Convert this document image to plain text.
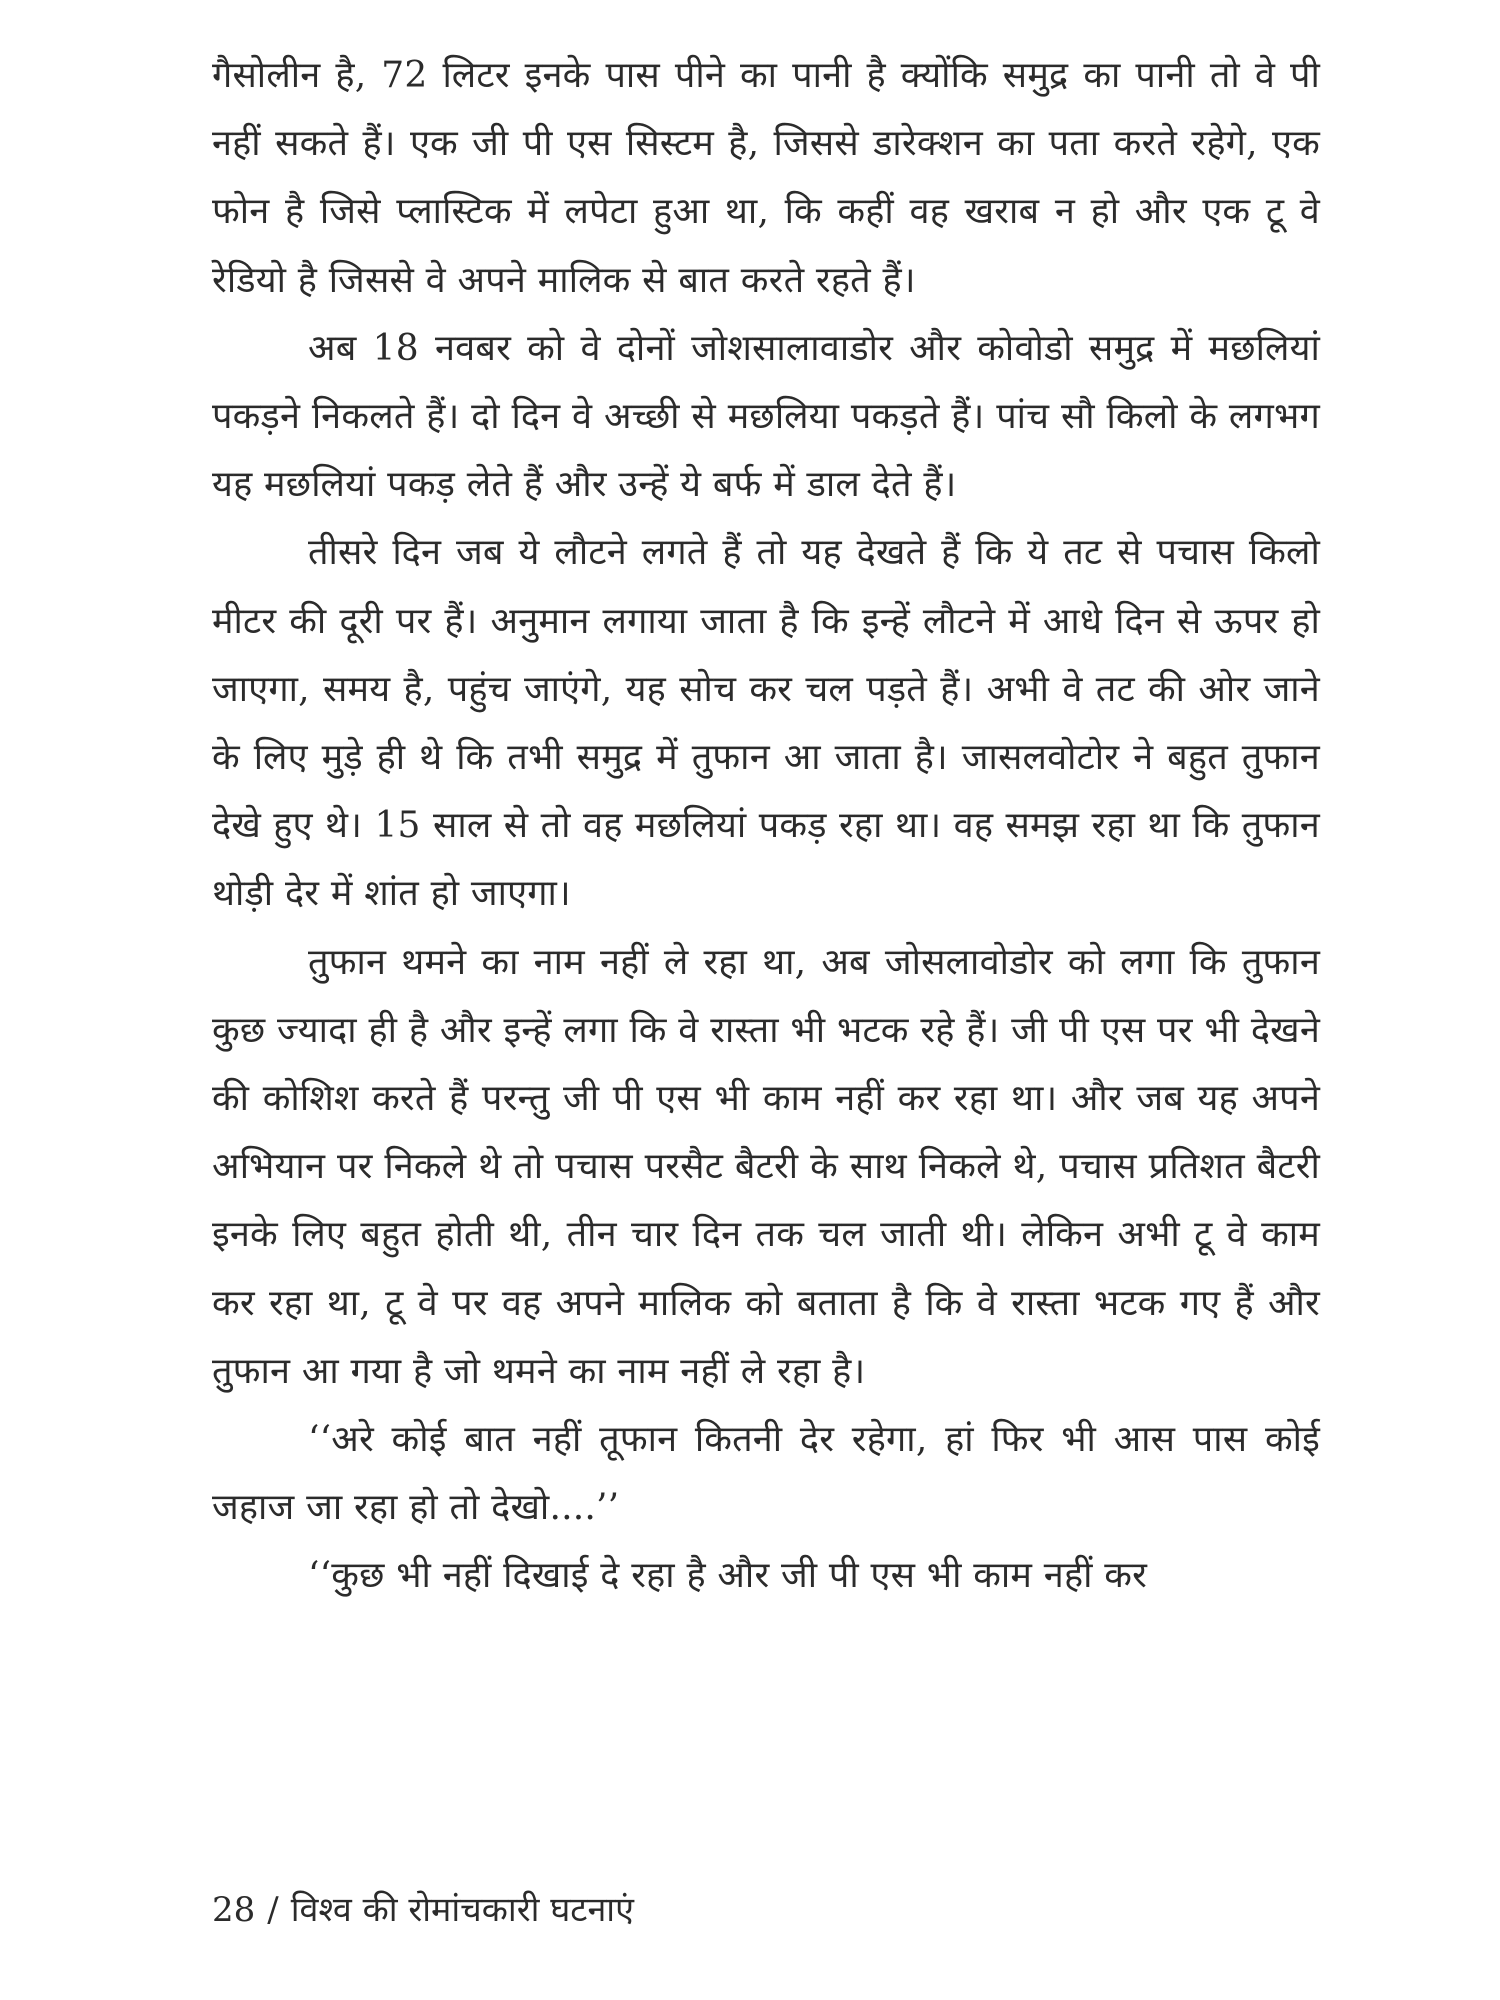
गैसोलीन है, 72 लिटर इनके पास पीने का पानी है क्योंकि समुद्र का पानी तो वे पी नहीं सकते हैं। एक जी पी एस सिस्टम है, जिससे डारेक्शन का पता करते रहेगे, एक फोन है जिसे प्लास्टिक में लपेटा हुआ था, कि कहीं वह खराब न हो और एक टू वे रेडियो है जिससे वे अपने मालिक से बात करते रहते हैं।

अब 18 नवबर को वे दोनों जोशसालावाडोर और कोवोडो समुद्र में मछलियां पकड़ने निकलते हैं। दो दिन वे अच्छी से मछलिया पकड़ते हैं। पांच सौ किलो के लगभग यह मछलियां पकड़ लेते हैं और उन्हें ये बर्फ में डाल देते हैं।

तीसरे दिन जब ये लौटने लगते हैं तो यह देखते हैं कि ये तट से पचास किलो मीटर की दूरी पर हैं। अनुमान लगाया जाता है कि इन्हें लौटने में आधे दिन से ऊपर हो जाएगा, समय है, पहुंच जाएंगे, यह सोच कर चल पड़ते हैं। अभी वे तट की ओर जाने के लिए मुड़े ही थे कि तभी समुद्र में तुफान आ जाता है। जासलवोटोर ने बहुत तुफान देखे हुए थे। 15 साल से तो वह मछलियां पकड़ रहा था। वह समझ रहा था कि तुफान थोड़ी देर में शांत हो जाएगा।

तुफान थमने का नाम नहीं ले रहा था, अब जोसलावोडोर को लगा कि तुफान कुछ ज्यादा ही है और इन्हें लगा कि वे रास्ता भी भटक रहे हैं। जी पी एस पर भी देखने की कोशिश करते हैं परन्तु जी पी एस भी काम नहीं कर रहा था। और जब यह अपने अभियान पर निकले थे तो पचास परसैट बैटरी के साथ निकले थे, पचास प्रतिशत बैटरी इनके लिए बहुत होती थी, तीन चार दिन तक चल जाती थी। लेकिन अभी टू वे काम कर रहा था, टू वे पर वह अपने मालिक को बताता है कि वे रास्ता भटक गए हैं और तुफान आ गया है जो थमने का नाम नहीं ले रहा है।

‘‘अरे कोई बात नहीं तूफान कितनी देर रहेगा, हां फिर भी आस पास कोई जहाज जा रहा हो तो देखो....’’

‘‘कुछ भी नहीं दिखाई दे रहा है और जी पी एस भी काम नहीं कर

28 / विश्व की रोमांचकारी घटनाएं
